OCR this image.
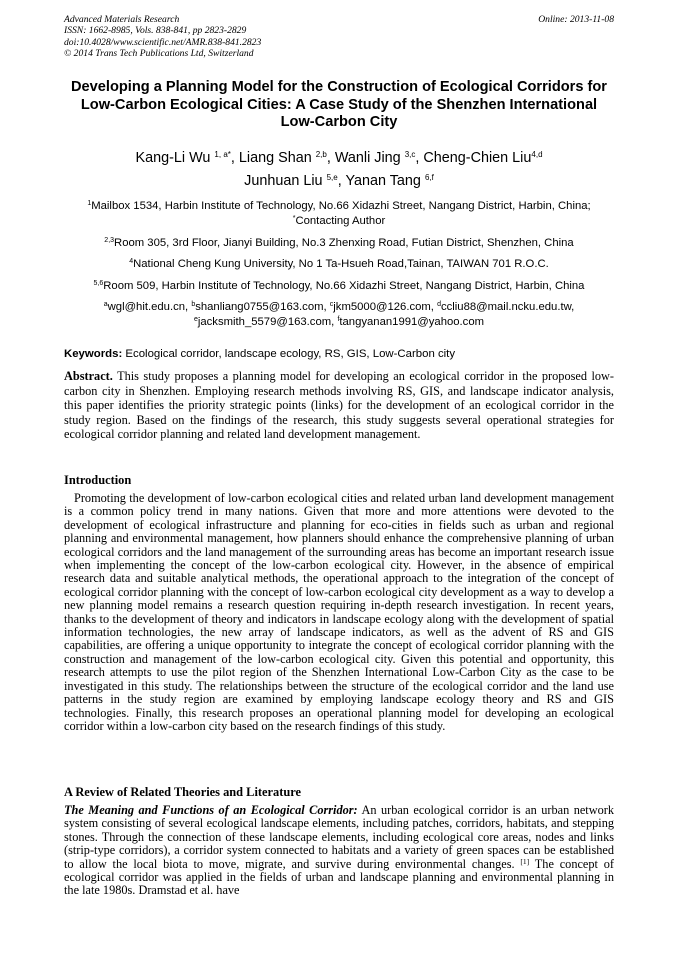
Advanced Materials Research
ISSN: 1662-8985, Vols. 838-841, pp 2823-2829
doi:10.4028/www.scientific.net/AMR.838-841.2823
© 2014 Trans Tech Publications Ltd, Switzerland
Online: 2013-11-08
Developing a Planning Model for the Construction of Ecological Corridors for Low-Carbon Ecological Cities: A Case Study of the Shenzhen International Low-Carbon City
Kang-Li Wu $^{1, a*}$, Liang Shan $^{2,b}$, Wanli Jing $^{3,c}$, Cheng-Chien Liu$^{4,d}$
Junhuan Liu $^{5,e}$, Yanan Tang $^{6,f}$
$^1$Mailbox 1534, Harbin Institute of Technology, No.66 Xidazhi Street, Nangang District, Harbin, China;
*Contacting Author
$^{2,3}$Room 305, 3rd Floor, Jianyi Building, No.3 Zhenxing Road, Futian District, Shenzhen, China
$^4$National Cheng Kung University, No 1 Ta-Hsueh Road,Tainan, TAIWAN 701 R.O.C.
$^{5,6}$Room 509, Harbin Institute of Technology, No.66 Xidazhi Street, Nangang District, Harbin, China
$^a$wgl@hit.edu.cn, $^b$shanliang0755@163.com, $^c$jkm5000@126.com, $^d$ccliu88@mail.ncku.edu.tw,
$^e$jacksmith_5579@163.com, $^f$tangyanan1991@yahoo.com
Keywords: Ecological corridor, landscape ecology, RS, GIS, Low-Carbon city
Abstract. This study proposes a planning model for developing an ecological corridor in the proposed low-carbon city in Shenzhen. Employing research methods involving RS, GIS, and landscape indicator analysis, this paper identifies the priority strategic points (links) for the development of an ecological corridor in the study region. Based on the findings of the research, this study suggests several operational strategies for ecological corridor planning and related land development management.
Introduction
Promoting the development of low-carbon ecological cities and related urban land development management is a common policy trend in many nations. Given that more and more attentions were devoted to the development of ecological infrastructure and planning for eco-cities in fields such as urban and regional planning and environmental management, how planners should enhance the comprehensive planning of urban ecological corridors and the land management of the surrounding areas has become an important research issue when implementing the concept of the low-carbon ecological city. However, in the absence of empirical research data and suitable analytical methods, the operational approach to the integration of the concept of ecological corridor planning with the concept of low-carbon ecological city development as a way to develop a new planning model remains a research question requiring in-depth research investigation. In recent years, thanks to the development of theory and indicators in landscape ecology along with the development of spatial information technologies, the new array of landscape indicators, as well as the advent of RS and GIS capabilities, are offering a unique opportunity to integrate the concept of ecological corridor planning with the construction and management of the low-carbon ecological city. Given this potential and opportunity, this research attempts to use the pilot region of the Shenzhen International Low-Carbon City as the case to be investigated in this study. The relationships between the structure of the ecological corridor and the land use patterns in the study region are examined by employing landscape ecology theory and RS and GIS technologies. Finally, this research proposes an operational planning model for developing an ecological corridor within a low-carbon city based on the research findings of this study.
A Review of Related Theories and Literature
The Meaning and Functions of an Ecological Corridor: An urban ecological corridor is an urban network system consisting of several ecological landscape elements, including patches, corridors, habitats, and stepping stones. Through the connection of these landscape elements, including ecological core areas, nodes and links (strip-type corridors), a corridor system connected to habitats and a variety of green spaces can be established to allow the local biota to move, migrate, and survive during environmental changes. [1] The concept of ecological corridor was applied in the fields of urban and landscape planning and environmental planning in the late 1980s. Dramstad et al. have
